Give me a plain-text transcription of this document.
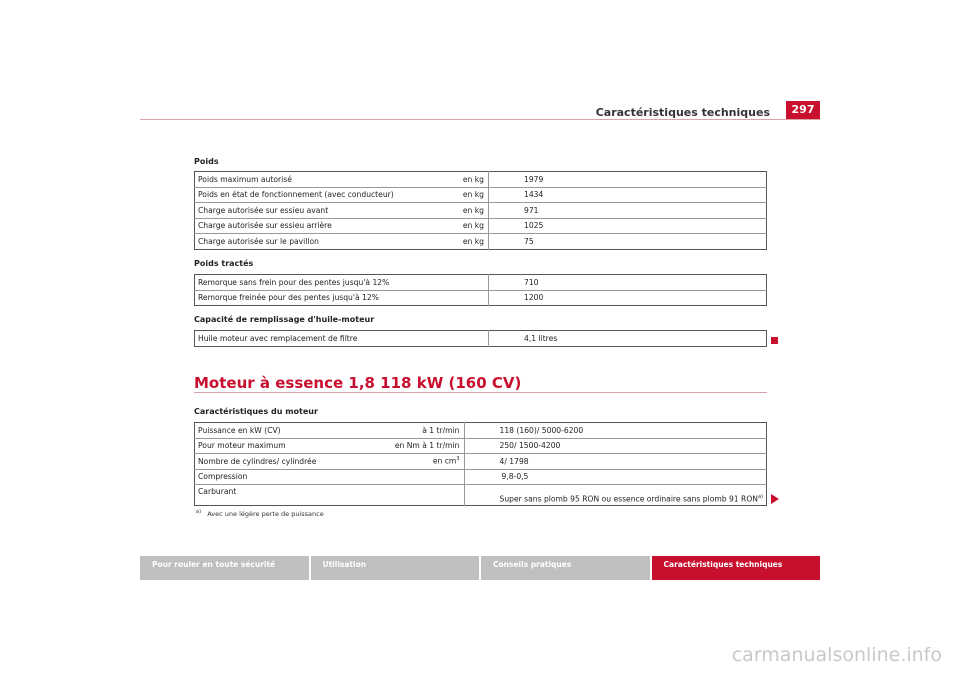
Caractéristiques techniques	297
Poids
Poids maximum autorisé	en kg	1979
Poids en état de fonctionnement (avec conducteur)	en kg	1434
Charge autorisée sur essieu avant	en kg	971
Charge autorisée sur essieu arrière	en kg	1025
Charge autorisée sur le pavillon	en kg	75
Poids tractés
Remorque sans frein pour des pentes jusqu'à 12%		710
Remorque freinée pour des pentes jusqu'à 12%		1200
Capacité de remplissage d'huile-moteur
Huile moteur avec remplacement de filtre		4,1 litres
Moteur à essence 1,8 118 kW (160 CV)
Caractéristiques du moteur
Puissance en kW (CV)	à 1 tr/min	118 (160)/ 5000-6200
Pour moteur maximum	en Nm à 1 tr/min	250/ 1500-4200
Nombre de cylindres/ cylindrée	en $cm^3$	4/ 1798
Compression		9,8-0,5
Carburant		Super sans plomb 95 RON ou essence ordinaire sans plomb 91 RON$^{a)}$
$^{a)}$ Avec une légère perte de puissance
Pour rouler en toute sécurité	Utilisation	Conseils pratiques	Caractéristiques techniques
carmanualsonline.info
